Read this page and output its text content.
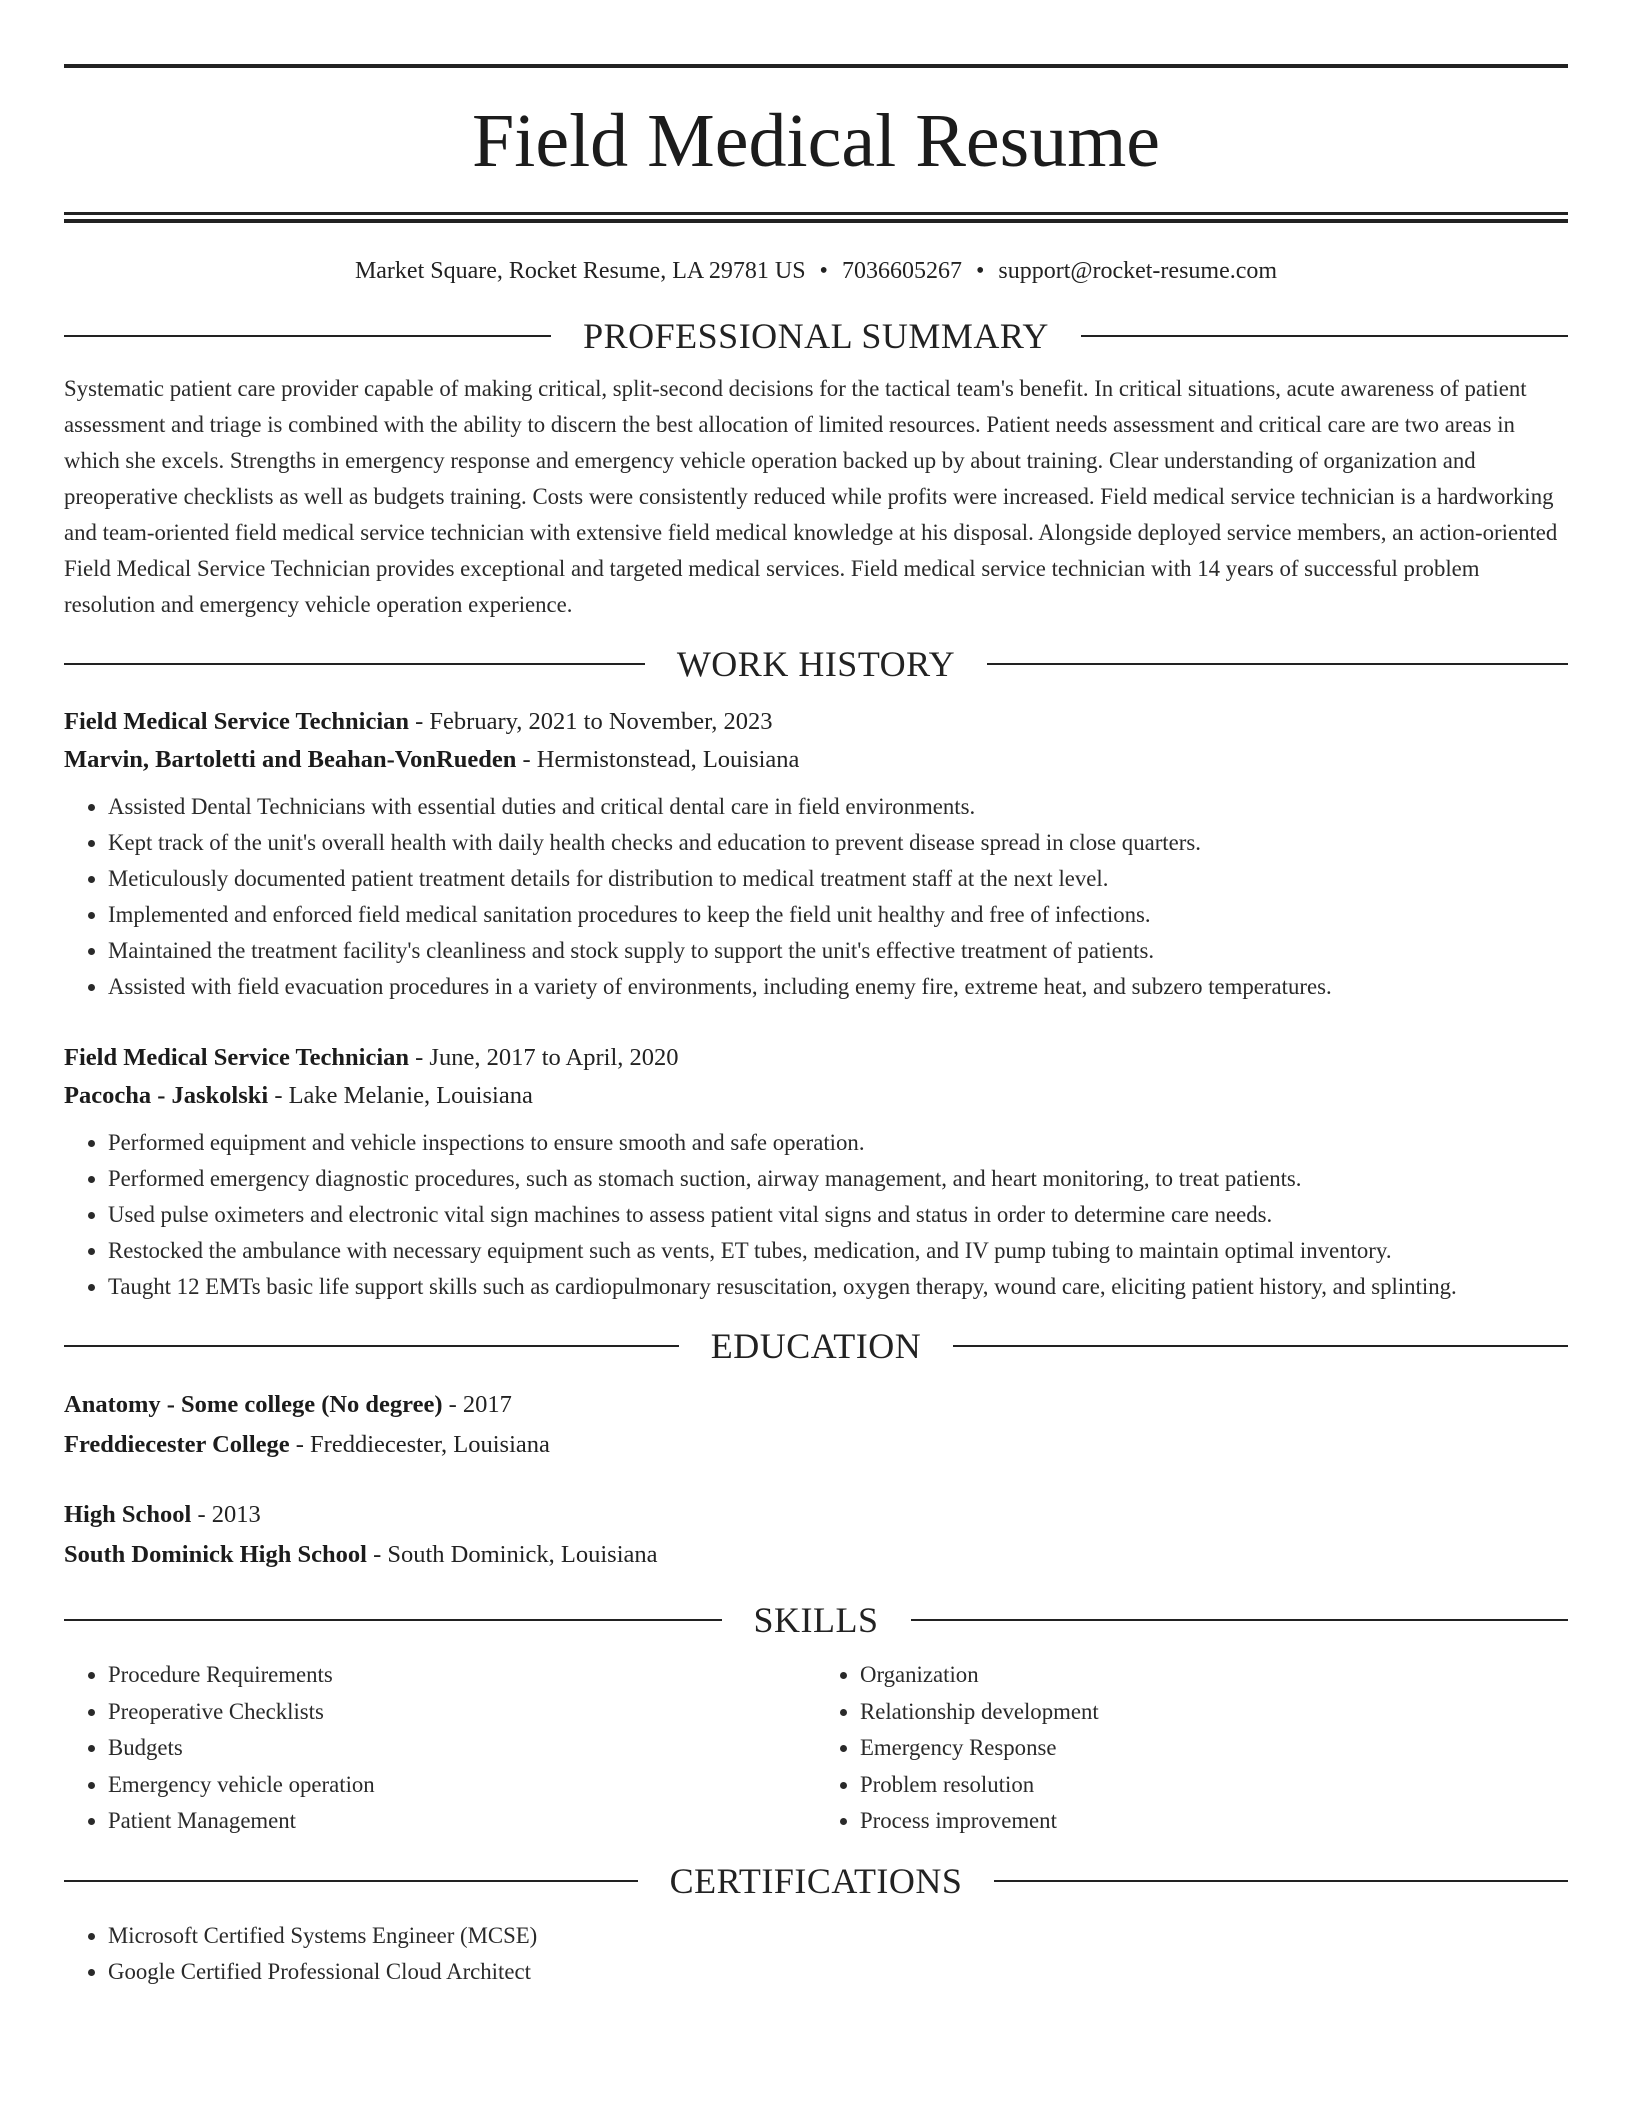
Field Medical Resume
Market Square, Rocket Resume, LA 29781 US • 7036605267 • support@rocket-resume.com
PROFESSIONAL SUMMARY
Systematic patient care provider capable of making critical, split-second decisions for the tactical team's benefit. In critical situations, acute awareness of patient assessment and triage is combined with the ability to discern the best allocation of limited resources. Patient needs assessment and critical care are two areas in which she excels. Strengths in emergency response and emergency vehicle operation backed up by about training. Clear understanding of organization and preoperative checklists as well as budgets training. Costs were consistently reduced while profits were increased. Field medical service technician is a hardworking and team-oriented field medical service technician with extensive field medical knowledge at his disposal. Alongside deployed service members, an action-oriented Field Medical Service Technician provides exceptional and targeted medical services. Field medical service technician with 14 years of successful problem resolution and emergency vehicle operation experience.
WORK HISTORY
Field Medical Service Technician - February, 2021 to November, 2023
Marvin, Bartoletti and Beahan-VonRueden - Hermistonstead, Louisiana
• Assisted Dental Technicians with essential duties and critical dental care in field environments.
• Kept track of the unit's overall health with daily health checks and education to prevent disease spread in close quarters.
• Meticulously documented patient treatment details for distribution to medical treatment staff at the next level.
• Implemented and enforced field medical sanitation procedures to keep the field unit healthy and free of infections.
• Maintained the treatment facility's cleanliness and stock supply to support the unit's effective treatment of patients.
• Assisted with field evacuation procedures in a variety of environments, including enemy fire, extreme heat, and subzero temperatures.
Field Medical Service Technician - June, 2017 to April, 2020
Pacocha - Jaskolski - Lake Melanie, Louisiana
• Performed equipment and vehicle inspections to ensure smooth and safe operation.
• Performed emergency diagnostic procedures, such as stomach suction, airway management, and heart monitoring, to treat patients.
• Used pulse oximeters and electronic vital sign machines to assess patient vital signs and status in order to determine care needs.
• Restocked the ambulance with necessary equipment such as vents, ET tubes, medication, and IV pump tubing to maintain optimal inventory.
• Taught 12 EMTs basic life support skills such as cardiopulmonary resuscitation, oxygen therapy, wound care, eliciting patient history, and splinting.
EDUCATION
Anatomy - Some college (No degree) - 2017
Freddiecester College - Freddiecester, Louisiana
High School - 2013
South Dominick High School - South Dominick, Louisiana
SKILLS
• Procedure Requirements
• Preoperative Checklists
• Budgets
• Emergency vehicle operation
• Patient Management
• Organization
• Relationship development
• Emergency Response
• Problem resolution
• Process improvement
CERTIFICATIONS
• Microsoft Certified Systems Engineer (MCSE)
• Google Certified Professional Cloud Architect
